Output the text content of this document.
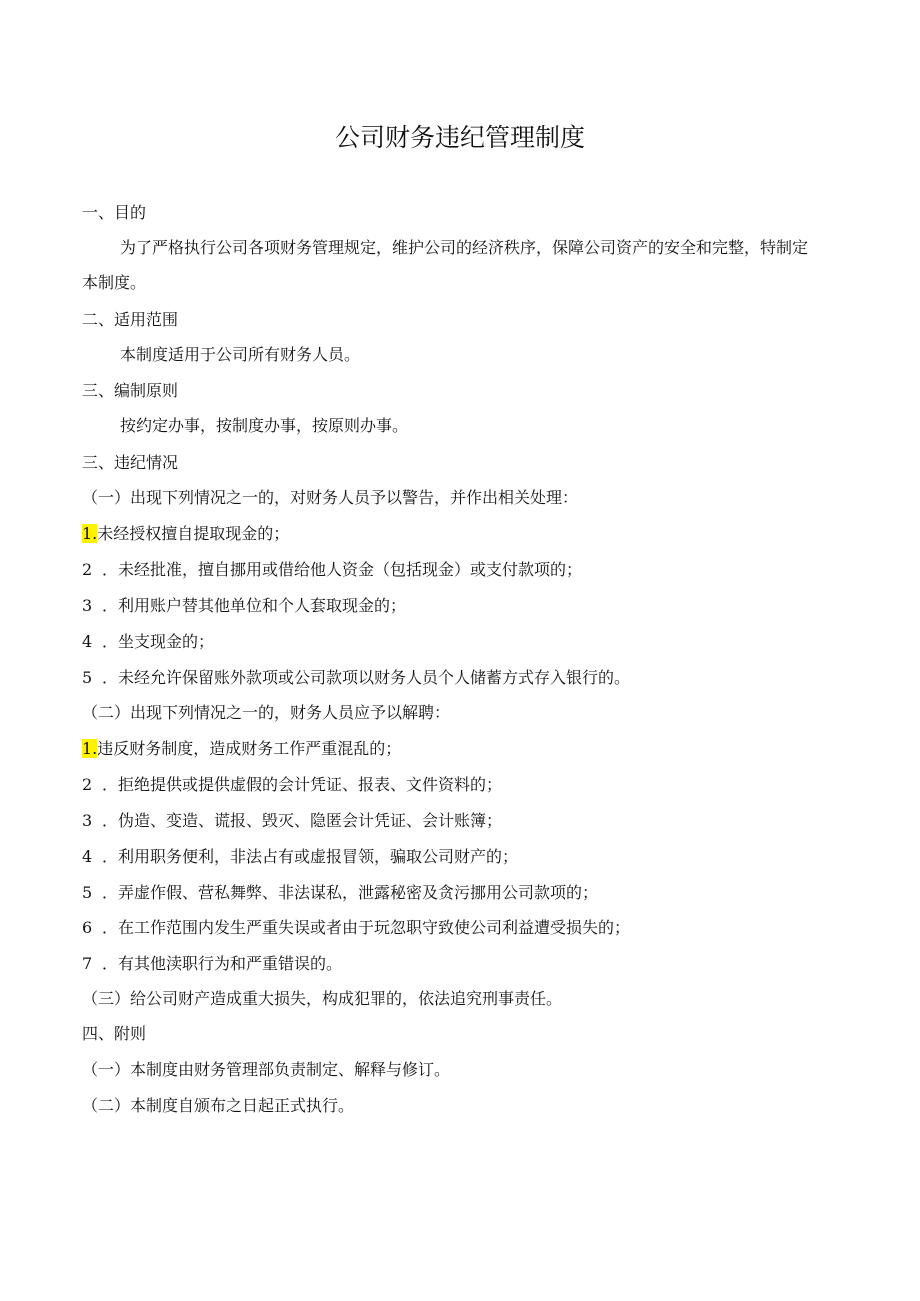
公司财务违纪管理制度
一、目的
为了严格执行公司各项财务管理规定，维护公司的经济秩序，保障公司资产的安全和完整，特制定
本制度。
二、适用范围
本制度适用于公司所有财务人员。
三、编制原则
按约定办事，按制度办事，按原则办事。
三、违纪情况
（一）出现下列情况之一的，对财务人员予以警告，并作出相关处理：
1.未经授权擅自提取现金的；
2 ．未经批准，擅自挪用或借给他人资金（包括现金）或支付款项的；
3 ．利用账户替其他单位和个人套取现金的；
4 ．坐支现金的；
5 ．未经允许保留账外款项或公司款项以财务人员个人储蓄方式存入银行的。
（二）出现下列情况之一的，财务人员应予以解聘：
1.违反财务制度，造成财务工作严重混乱的；
2 ．拒绝提供或提供虚假的会计凭证、报表、文件资料的；
3 ．伪造、变造、谎报、毁灭、隐匿会计凭证、会计账簿；
4 ．利用职务便利，非法占有或虚报冒领，骗取公司财产的；
5 ．弄虚作假、营私舞弊、非法谋私，泄露秘密及贪污挪用公司款项的；
6 ．在工作范围内发生严重失误或者由于玩忽职守致使公司利益遭受损失的；
7 ．有其他渎职行为和严重错误的。
（三）给公司财产造成重大损失，构成犯罪的，依法追究刑事责任。
四、附则
（一）本制度由财务管理部负责制定、解释与修订。
（二）本制度自颁布之日起正式执行。
